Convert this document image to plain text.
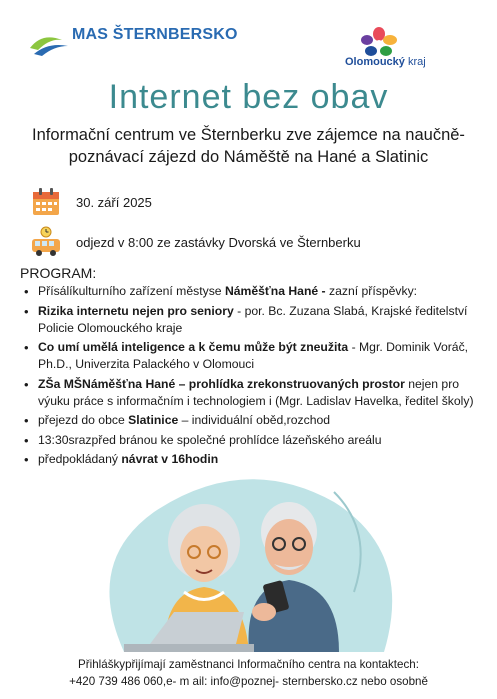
MAS ŠTERNBERSKO
Olomoucký kraj
Internet bez obav
Informační centrum ve Šternberku zve zájemce na naučně-poznávací zájezd do Náměště na Hané a Slatinic
30. září 2025
odjezd v 8:00 ze zastávky Dvorská ve Šternberku
PROGRAM:
• Přísálíkulturního zařízení městyse Náměšťna Hané - zazní příspěvky:
• Rizika internetu nejen pro seniory - por. Bc. Zuzana Slabá, Krajské ředitelství Policie Olomouckého kraje
• Co umí umělá inteligence a k čemu může být zneužita - Mgr. Dominik Voráč, Ph.D., Univerzita Palackého v Olomouci
• ZŠa MŠNáměšťna Hané – prohlídka zrekonstruovaných prostor nejen pro výuku práce s informačním i technologiem i (Mgr. Ladislav Havelka, ředitel školy)
• přejezd do obce Slatinice – individuální oběd,rozchod
• 13:30srazpřed bránou ke společné prohlídce lázeňského areálu
• předpokládaný návrat v 16hodin
Přihláškypřijímají zaměstnanci Informačního centra na kontaktech:
+420 739 486 060,e- m ail: info@poznej- sternbersko.cz nebo osobně
